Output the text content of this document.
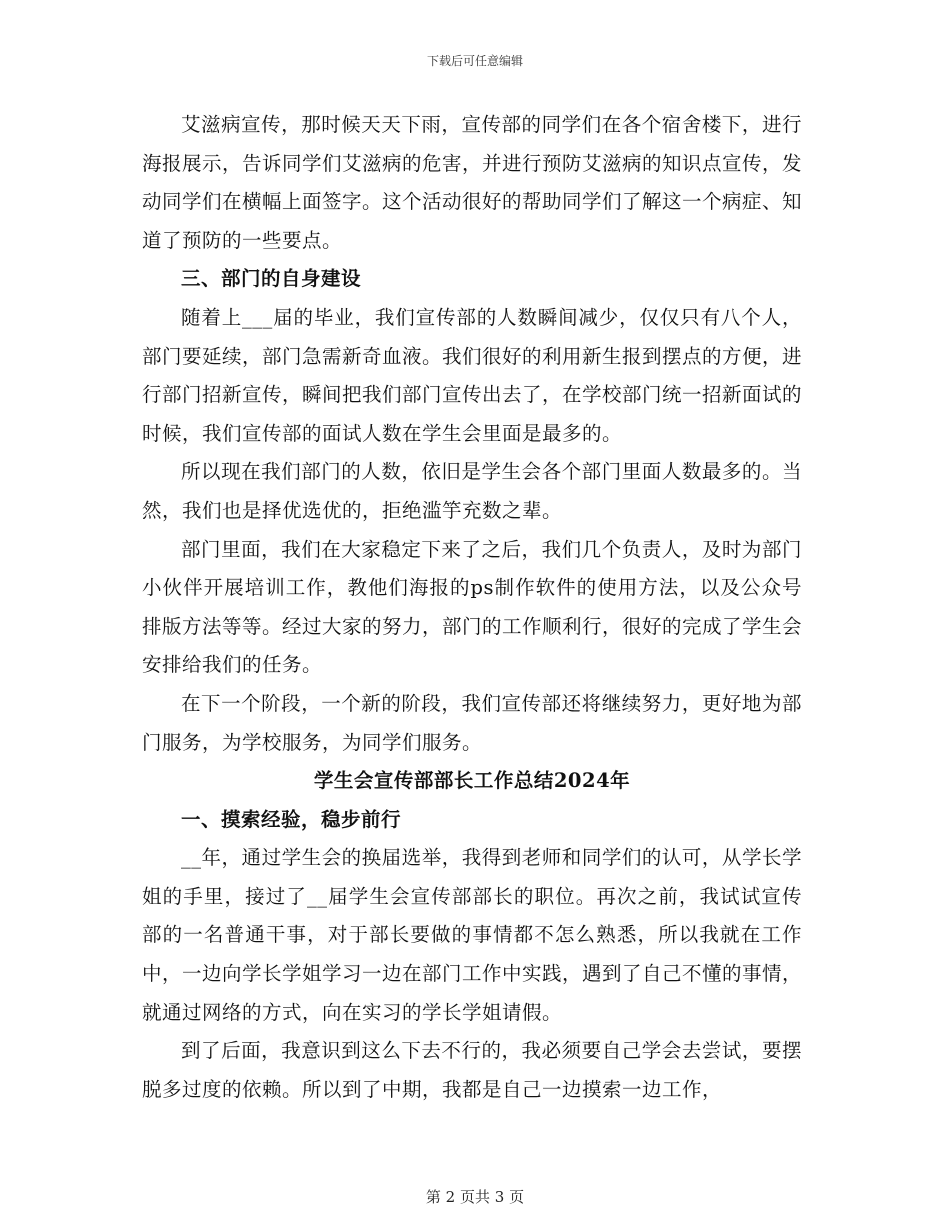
下载后可任意编辑

艾滋病宣传，那时候天天下雨，宣传部的同学们在各个宿舍楼下，进行海报展示，告诉同学们艾滋病的危害，并进行预防艾滋病的知识点宣传，发动同学们在横幅上面签字。这个活动很好的帮助同学们了解这一个病症、知道了预防的一些要点。

三、部门的自身建设

随着上___届的毕业，我们宣传部的人数瞬间减少，仅仅只有八个人，部门要延续，部门急需新奇血液。我们很好的利用新生报到摆点的方便，进行部门招新宣传，瞬间把我们部门宣传出去了，在学校部门统一招新面试的时候，我们宣传部的面试人数在学生会里面是最多的。

所以现在我们部门的人数，依旧是学生会各个部门里面人数最多的。当然，我们也是择优选优的，拒绝滥竽充数之辈。

部门里面，我们在大家稳定下来了之后，我们几个负责人，及时为部门小伙伴开展培训工作，教他们海报的ps制作软件的使用方法，以及公众号排版方法等等。经过大家的努力，部门的工作顺利行，很好的完成了学生会安排给我们的任务。

在下一个阶段，一个新的阶段，我们宣传部还将继续努力，更好地为部门服务，为学校服务，为同学们服务。

学生会宣传部部长工作总结2024年

一、摸索经验，稳步前行

__年，通过学生会的换届选举，我得到老师和同学们的认可，从学长学姐的手里，接过了__届学生会宣传部部长的职位。再次之前，我试试宣传部的一名普通干事，对于部长要做的事情都不怎么熟悉，所以我就在工作中，一边向学长学姐学习一边在部门工作中实践，遇到了自己不懂的事情，就通过网络的方式，向在实习的学长学姐请假。

到了后面，我意识到这么下去不行的，我必须要自己学会去尝试，要摆脱多过度的依赖。所以到了中期，我都是自己一边摸索一边工作，

第 2 页共 3 页
